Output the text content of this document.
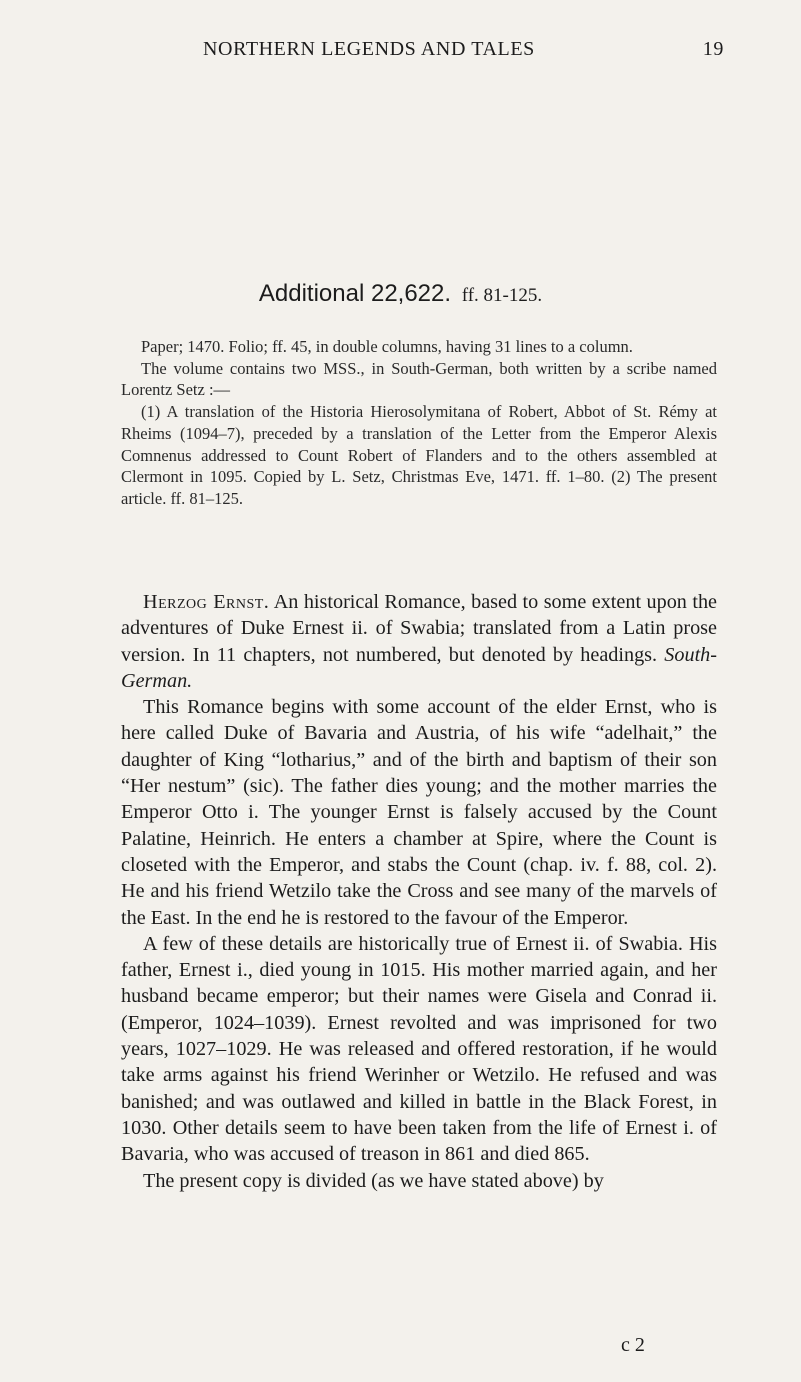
NORTHERN LEGENDS AND TALES	19
Additional 22,622. ff. 81-125.

Paper; 1470. Folio; ff. 45, in double columns, having 31 lines to a column.

The volume contains two MSS., in South-German, both written by a scribe named Lorentz Setz :—

(1) A translation of the Historia Hierosolymitana of Robert, Abbot of St. Rémy at Rheims (1094–7), preceded by a translation of the Letter from the Emperor Alexis Comnenus addressed to Count Robert of Flanders and to the others assembled at Clermont in 1095. Copied by L. Setz, Christmas Eve, 1471. ff. 1–80. (2) The present article. ff. 81–125.

Herzog Ernst. An historical Romance, based to some extent upon the adventures of Duke Ernest ii. of Swabia; translated from a Latin prose version. In 11 chapters, not numbered, but denoted by headings. South-German.

This Romance begins with some account of the elder Ernst, who is here called Duke of Bavaria and Austria, of his wife “adelhait,” the daughter of King “lotharius,” and of the birth and baptism of their son “Her nestum” (sic). The father dies young; and the mother marries the Emperor Otto i. The younger Ernst is falsely accused by the Count Palatine, Heinrich. He enters a chamber at Spire, where the Count is closeted with the Emperor, and stabs the Count (chap. iv. f. 88, col. 2). He and his friend Wetzilo take the Cross and see many of the marvels of the East. In the end he is restored to the favour of the Emperor.

A few of these details are historically true of Ernest ii. of Swabia. His father, Ernest i., died young in 1015. His mother married again, and her husband became emperor; but their names were Gisela and Conrad ii. (Emperor, 1024–1039). Ernest revolted and was imprisoned for two years, 1027–1029. He was released and offered restoration, if he would take arms against his friend Werinher or Wetzilo. He refused and was banished; and was outlawed and killed in battle in the Black Forest, in 1030. Other details seem to have been taken from the life of Ernest i. of Bavaria, who was accused of treason in 861 and died 865.

The present copy is divided (as we have stated above) by

c 2
